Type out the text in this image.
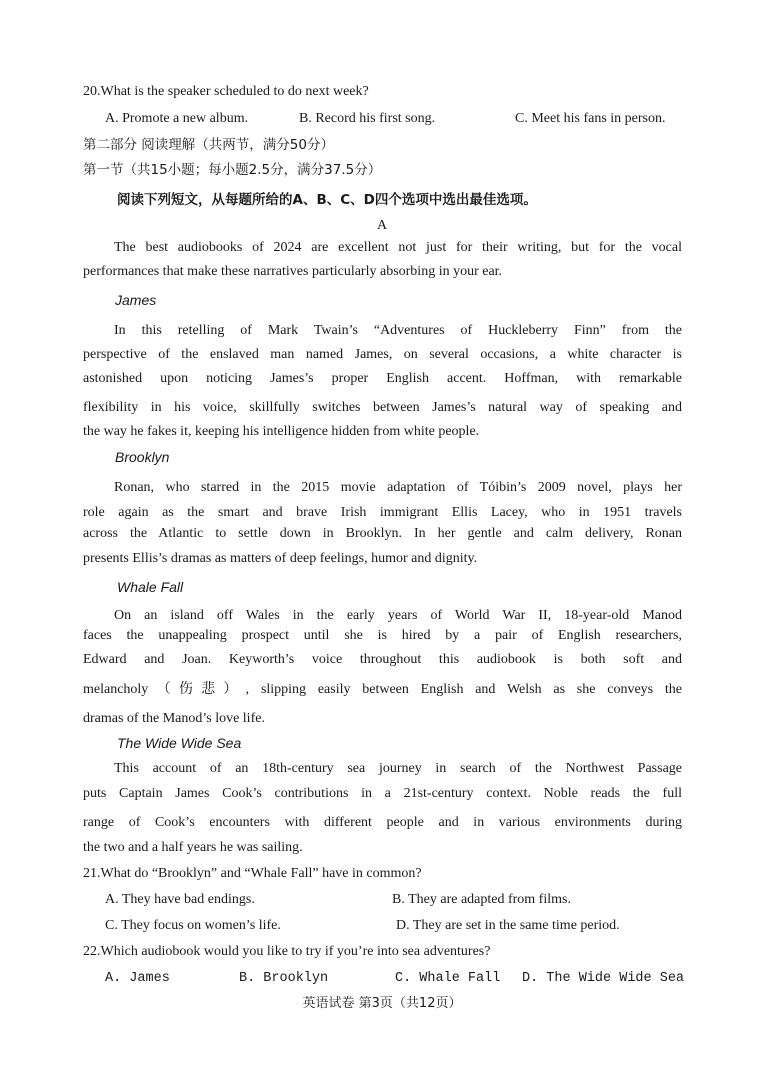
20.What is the speaker scheduled to do next week?
A. Promote a new album.	B. Record his first song.	C. Meet his fans in person.
第二部分 阅读理解（共两节，满分50分）
第一节（共15小题；每小题2.5分，满分37.5分）
阅读下列短文，从每题所给的A、B、C、D四个选项中选出最佳选项。
A
The best audiobooks of 2024 are excellent not just for their writing, but for the vocal
performances that make these narratives particularly absorbing in your ear.
James
In this retelling of Mark Twain’s “Adventures of Huckleberry Finn” from the
perspective of the enslaved man named James, on several occasions, a white character is
astonished upon noticing James’s proper English accent. Hoffman, with remarkable
flexibility in his voice, skillfully switches between James’s natural way of speaking and
the way he fakes it, keeping his intelligence hidden from white people.
Brooklyn
Ronan, who starred in the 2015 movie adaptation of Tóibin’s 2009 novel, plays her
role again as the smart and brave Irish immigrant Ellis Lacey, who in 1951 travels
across the Atlantic to settle down in Brooklyn. In her gentle and calm delivery, Ronan
presents Ellis’s dramas as matters of deep feelings, humor and dignity.
Whale Fall
On an island off Wales in the early years of World War II, 18-year-old Manod
faces the unappealing prospect until she is hired by a pair of English researchers,
Edward and Joan. Keyworth’s voice throughout this audiobook is both soft and
melancholy（伤悲）, slipping easily between English and Welsh as she conveys the
dramas of the Manod’s love life.
The Wide Wide Sea
This account of an 18th-century sea journey in search of the Northwest Passage
puts Captain James Cook’s contributions in a 21st-century context. Noble reads the full
range of Cook’s encounters with different people and in various environments during
the two and a half years he was sailing.
21.What do “Brooklyn” and “Whale Fall” have in common?
A. They have bad endings.	B. They are adapted from films.
C. They focus on women’s life.	D. They are set in the same time period.
22.Which audiobook would you like to try if you’re into sea adventures?
A. James	B. Brooklyn	C. Whale Fall D. The Wide Wide Sea
英语试卷 第3页（共12页）
